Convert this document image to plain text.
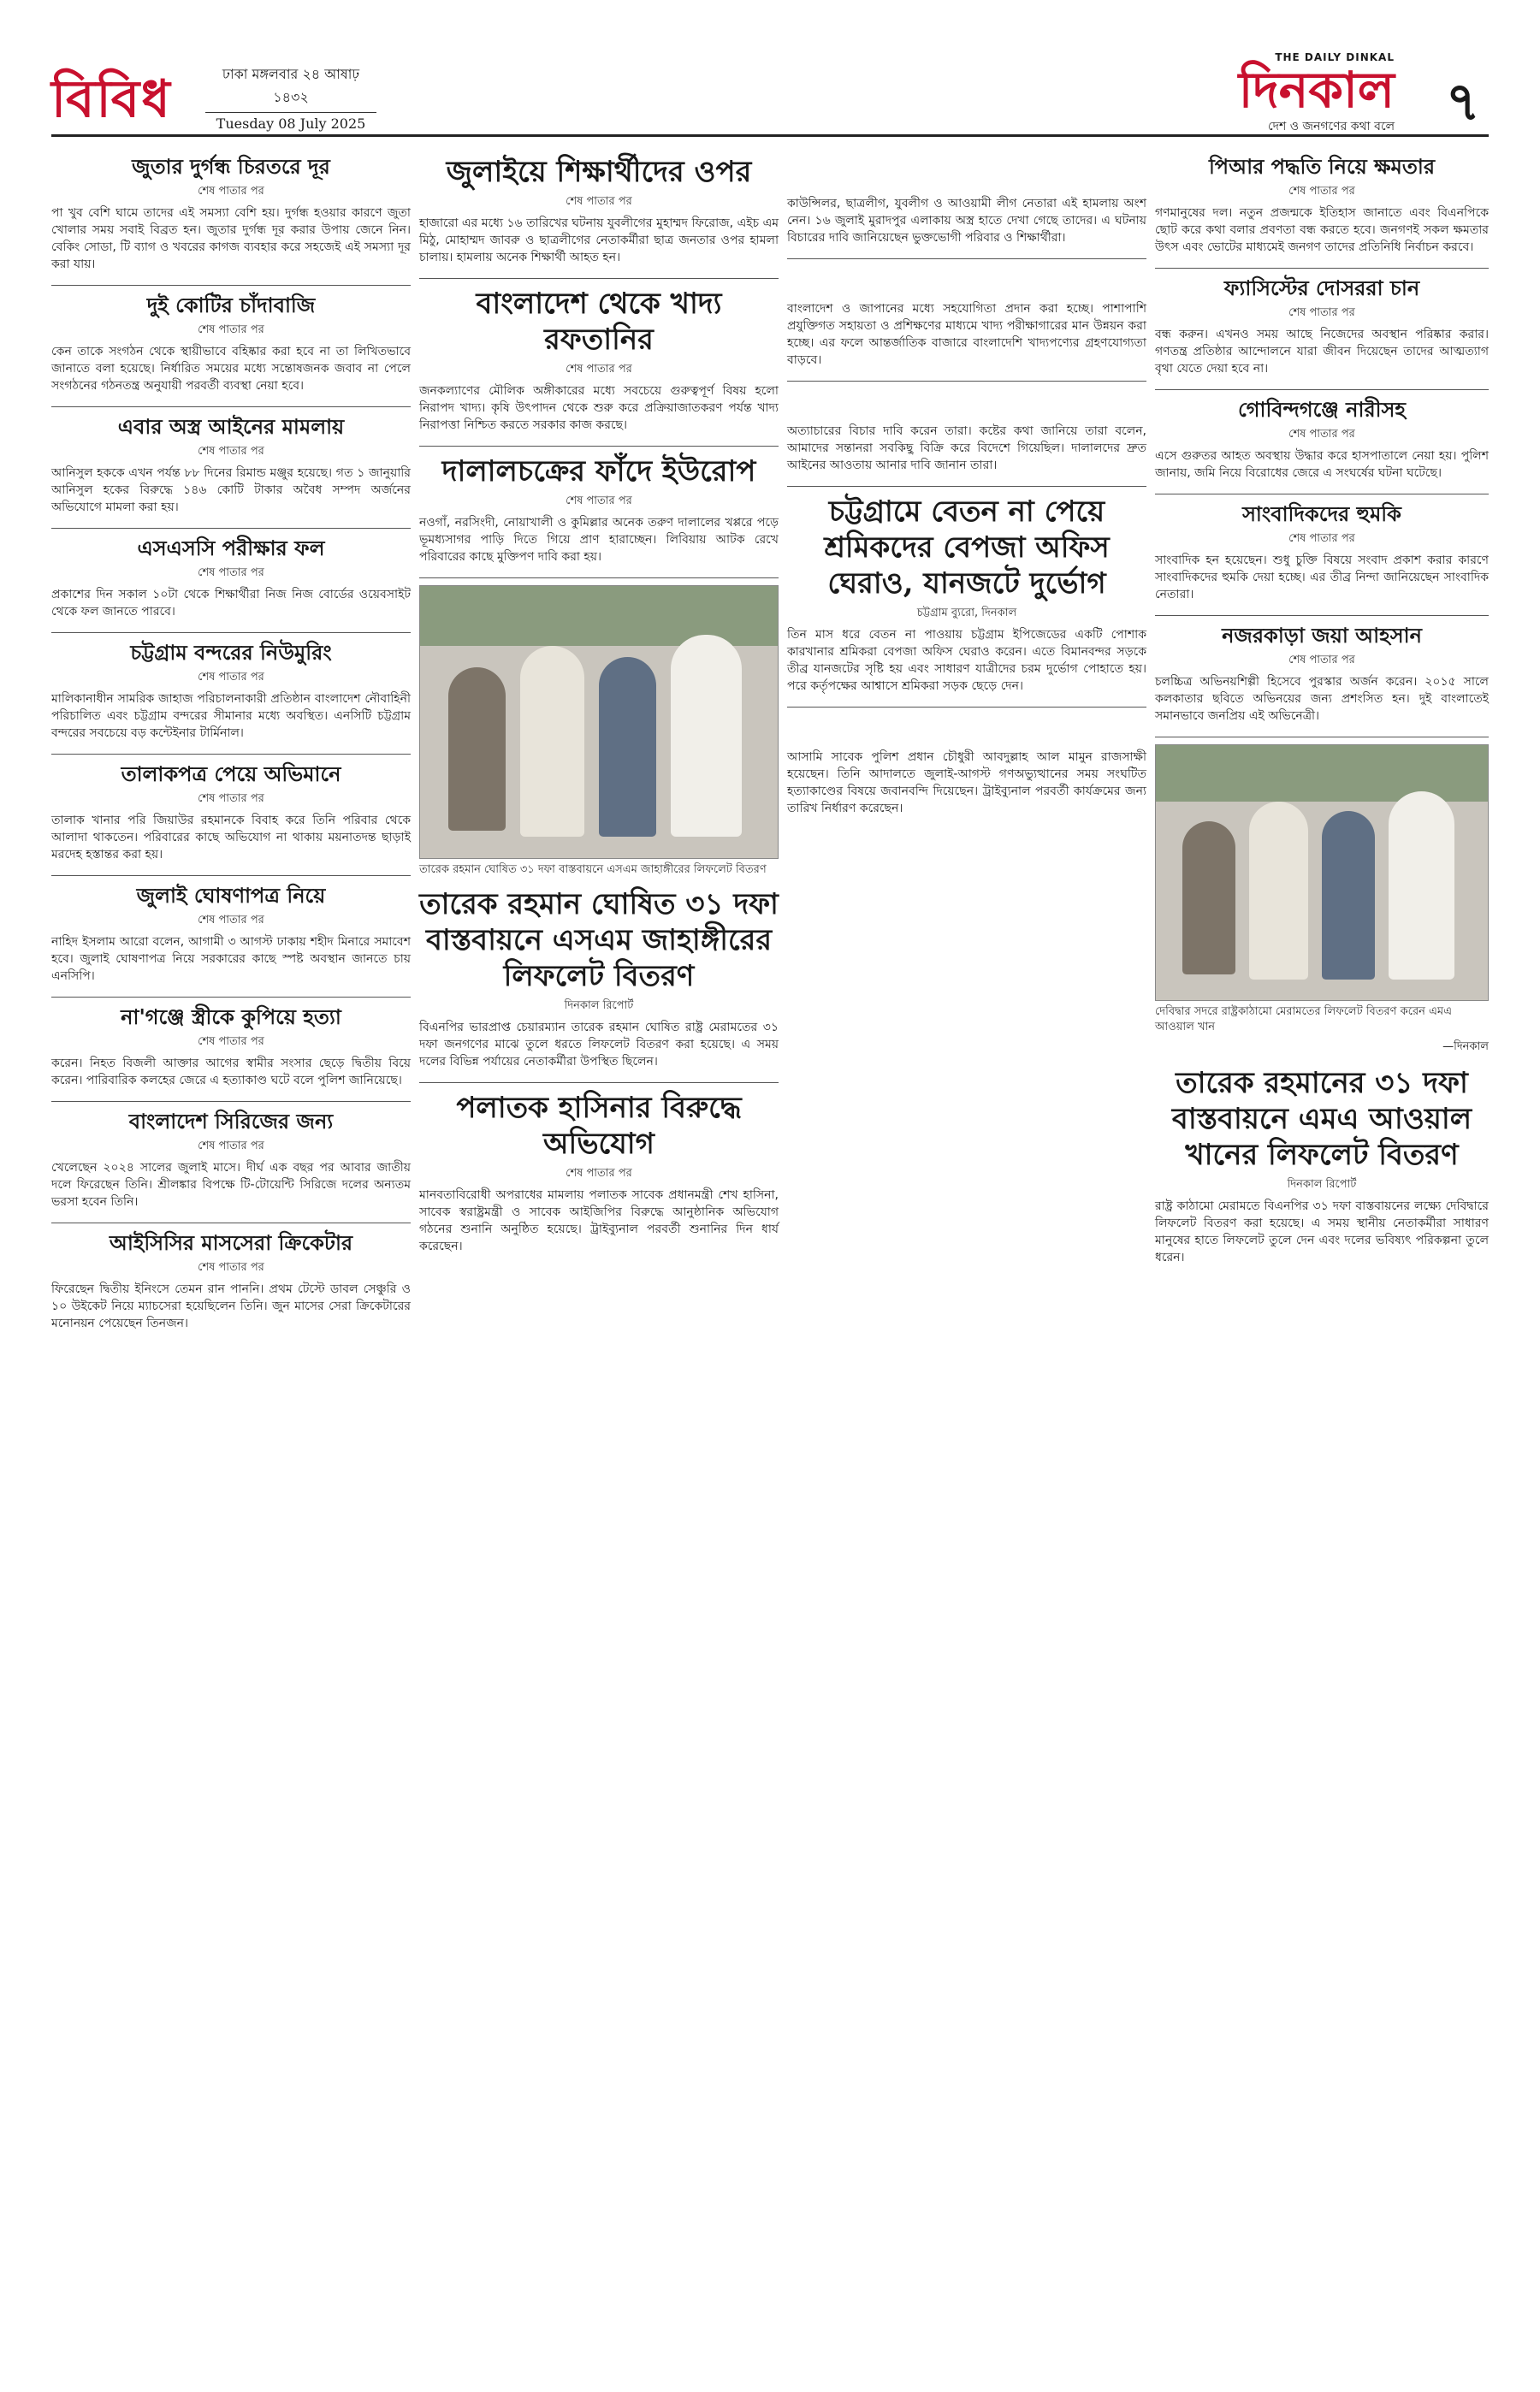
বিবিধ	ঢাকা মঙ্গলবার ২৪ আষাঢ় ১৪৩২
Tuesday 08 July 2025
THE DAILY DINKAL
দিনকাল
দেশ ও জনগণের কথা বলে ৭
জুতার দুর্গন্ধ চিরতরে দূর
শেষ পাতার পর
পা খুব বেশি ঘামে তাদের এই সমস্যা বেশি হয়। দুর্গন্ধ হওয়ার কারণে জুতা খোলার সময় সবাই বিব্রত হন। জুতার দুর্গন্ধ দূর করার উপায় জেনে নিন। বেকিং সোডা, টি ব্যাগ ও খবরের কাগজ ব্যবহার করে সহজেই এই সমস্যা দূর করা যায়।
দুই কোটির চাঁদাবাজি
শেষ পাতার পর
কেন তাকে সংগঠন থেকে স্থায়ীভাবে বহিষ্কার করা হবে না তা লিখিতভাবে জানাতে বলা হয়েছে। নির্ধারিত সময়ের মধ্যে সন্তোষজনক জবাব না পেলে সংগঠনের গঠনতন্ত্র অনুযায়ী পরবর্তী ব্যবস্থা নেয়া হবে।
এবার অস্ত্র আইনের মামলায়
শেষ পাতার পর
আনিসুল হককে এখন পর্যন্ত ৮৮ দিনের রিমান্ড মঞ্জুর হয়েছে। গত ১ জানুয়ারি আনিসুল হকের বিরুদ্ধে ১৪৬ কোটি টাকার অবৈধ সম্পদ অর্জনের অভিযোগে মামলা করা হয়।
এসএসসি পরীক্ষার ফল
শেষ পাতার পর
প্রকাশের দিন সকাল ১০টা থেকে শিক্ষার্থীরা নিজ নিজ বোর্ডের ওয়েবসাইট থেকে ফল জানতে পারবে।
চট্টগ্রাম বন্দরের নিউমুরিং
শেষ পাতার পর
মালিকানাধীন সামরিক জাহাজ পরিচালনাকারী প্রতিষ্ঠান বাংলাদেশ নৌবাহিনী পরিচালিত এবং চট্টগ্রাম বন্দরের সীমানার মধ্যে অবস্থিত। এনসিটি চট্টগ্রাম বন্দরের সবচেয়ে বড় কন্টেইনার টার্মিনাল।
তালাকপত্র পেয়ে অভিমানে
শেষ পাতার পর
তালাক খানার পরি জিয়াউর রহমানকে বিবাহ করে তিনি পরিবার থেকে আলাদা থাকতেন। পরিবারের কাছে অভিযোগ না থাকায় ময়নাতদন্ত ছাড়াই মরদেহ হস্তান্তর করা হয়।
জুলাই ঘোষণাপত্র নিয়ে
শেষ পাতার পর
নাহিদ ইসলাম আরো বলেন, আগামী ৩ আগস্ট ঢাকায় শহীদ মিনারে সমাবেশ হবে। জুলাই ঘোষণাপত্র নিয়ে সরকারের কাছে স্পষ্ট অবস্থান জানতে চায় এনসিপি।
না'গঞ্জে স্ত্রীকে কুপিয়ে হত্যা
শেষ পাতার পর
করেন। নিহত বিজলী আক্তার আগের স্বামীর সংসার ছেড়ে দ্বিতীয় বিয়ে করেন। পারিবারিক কলহের জেরে এ হত্যাকাণ্ড ঘটে বলে পুলিশ জানিয়েছে।
বাংলাদেশ সিরিজের জন্য
শেষ পাতার পর
খেলেছেন ২০২৪ সালের জুলাই মাসে। দীর্ঘ এক বছর পর আবার জাতীয় দলে ফিরেছেন তিনি। শ্রীলঙ্কার বিপক্ষে টি-টোয়েন্টি সিরিজে দলের অন্যতম ভরসা হবেন তিনি।
আইসিসির মাসসেরা ক্রিকেটার
শেষ পাতার পর
ফিরেছেন দ্বিতীয় ইনিংসে তেমন রান পাননি। প্রথম টেস্টে ডাবল সেঞ্চুরি ও ১০ উইকেট নিয়ে ম্যাচসেরা হয়েছিলেন তিনি। জুন মাসের সেরা ক্রিকেটারের মনোনয়ন পেয়েছেন তিনজন।
জুলাইয়ে শিক্ষার্থীদের ওপর
শেষ পাতার পর
হাজারো এর মধ্যে ১৬ তারিখের ঘটনায় যুবলীগের মুহাম্মদ ফিরোজ, এইচ এম মিঠু, মোহাম্মদ জাবরু ও ছাত্রলীগের নেতাকর্মীরা ছাত্র জনতার ওপর হামলা চালায়। হামলায় অনেক শিক্ষার্থী আহত হন।
বাংলাদেশ থেকে খাদ্য রফতানির
শেষ পাতার পর
জনকল্যাণের মৌলিক অঙ্গীকারের মধ্যে সবচেয়ে গুরুত্বপূর্ণ বিষয় হলো নিরাপদ খাদ্য। কৃষি উৎপাদন থেকে শুরু করে প্রক্রিয়াজাতকরণ পর্যন্ত খাদ্য নিরাপত্তা নিশ্চিত করতে সরকার কাজ করছে।
দালালচক্রের ফাঁদে ইউরোপ
শেষ পাতার পর
নওগাঁ, নরসিংদী, নোয়াখালী ও কুমিল্লার অনেক তরুণ দালালের খপ্পরে পড়ে ভূমধ্যসাগর পাড়ি দিতে গিয়ে প্রাণ হারাচ্ছেন। লিবিয়ায় আটক রেখে পরিবারের কাছে মুক্তিপণ দাবি করা হয়।
তারেক রহমান ঘোষিত ৩১ দফা বাস্তবায়নে এসএম জাহাঙ্গীরের লিফলেট বিতরণ
তারেক রহমান ঘোষিত ৩১ দফা বাস্তবায়নে এসএম জাহাঙ্গীরের লিফলেট বিতরণ
দিনকাল রিপোর্ট
বিএনপির ভারপ্রাপ্ত চেয়ারম্যান তারেক রহমান ঘোষিত রাষ্ট্র মেরামতের ৩১ দফা জনগণের মাঝে তুলে ধরতে লিফলেট বিতরণ করা হয়েছে। এ সময় দলের বিভিন্ন পর্যায়ের নেতাকর্মীরা উপস্থিত ছিলেন।
পলাতক হাসিনার বিরুদ্ধে অভিযোগ
শেষ পাতার পর
মানবতাবিরোধী অপরাধের মামলায় পলাতক সাবেক প্রধানমন্ত্রী শেখ হাসিনা, সাবেক স্বরাষ্ট্রমন্ত্রী ও সাবেক আইজিপির বিরুদ্ধে আনুষ্ঠানিক অভিযোগ গঠনের শুনানি অনুষ্ঠিত হয়েছে। ট্রাইব্যুনাল পরবর্তী শুনানির দিন ধার্য করেছেন।
কাউন্সিলর, ছাত্রলীগ, যুবলীগ ও আওয়ামী লীগ নেতারা এই হামলায় অংশ নেন। ১৬ জুলাই মুরাদপুর এলাকায় অস্ত্র হাতে দেখা গেছে তাদের। এ ঘটনায় বিচারের দাবি জানিয়েছেন ভুক্তভোগী পরিবার ও শিক্ষার্থীরা।
বাংলাদেশ ও জাপানের মধ্যে সহযোগিতা প্রদান করা হচ্ছে। পাশাপাশি প্রযুক্তিগত সহায়তা ও প্রশিক্ষণের মাধ্যমে খাদ্য পরীক্ষাগারের মান উন্নয়ন করা হচ্ছে। এর ফলে আন্তর্জাতিক বাজারে বাংলাদেশি খাদ্যপণ্যের গ্রহণযোগ্যতা বাড়বে।
অত্যাচারের বিচার দাবি করেন তারা। কষ্টের কথা জানিয়ে তারা বলেন, আমাদের সন্তানরা সবকিছু বিক্রি করে বিদেশে গিয়েছিল। দালালদের দ্রুত আইনের আওতায় আনার দাবি জানান তারা।
চট্টগ্রামে বেতন না পেয়ে শ্রমিকদের বেপজা অফিস ঘেরাও, যানজটে দুর্ভোগ
চট্টগ্রাম ব্যুরো, দিনকাল
তিন মাস ধরে বেতন না পাওয়ায় চট্টগ্রাম ইপিজেডের একটি পোশাক কারখানার শ্রমিকরা বেপজা অফিস ঘেরাও করেন। এতে বিমানবন্দর সড়কে তীব্র যানজটের সৃষ্টি হয় এবং সাধারণ যাত্রীদের চরম দুর্ভোগ পোহাতে হয়। পরে কর্তৃপক্ষের আশ্বাসে শ্রমিকরা সড়ক ছেড়ে দেন।
আসামি সাবেক পুলিশ প্রধান চৌধুরী আবদুল্লাহ আল মামুন রাজসাক্ষী হয়েছেন। তিনি আদালতে জুলাই-আগস্ট গণঅভ্যুত্থানের সময় সংঘটিত হত্যাকাণ্ডের বিষয়ে জবানবন্দি দিয়েছেন। ট্রাইব্যুনাল পরবর্তী কার্যক্রমের জন্য তারিখ নির্ধারণ করেছেন।
পিআর পদ্ধতি নিয়ে ক্ষমতার
শেষ পাতার পর
গণমানুষের দল। নতুন প্রজন্মকে ইতিহাস জানাতে এবং বিএনপিকে ছোট করে কথা বলার প্রবণতা বন্ধ করতে হবে। জনগণই সকল ক্ষমতার উৎস এবং ভোটের মাধ্যমেই জনগণ তাদের প্রতিনিধি নির্বাচন করবে।
ফ্যাসিস্টের দোসররা চান
শেষ পাতার পর
বন্ধ করুন। এখনও সময় আছে নিজেদের অবস্থান পরিষ্কার করার। গণতন্ত্র প্রতিষ্ঠার আন্দোলনে যারা জীবন দিয়েছেন তাদের আত্মত্যাগ বৃথা যেতে দেয়া হবে না।
গোবিন্দগঞ্জে নারীসহ
শেষ পাতার পর
এসে গুরুতর আহত অবস্থায় উদ্ধার করে হাসপাতালে নেয়া হয়। পুলিশ জানায়, জমি নিয়ে বিরোধের জেরে এ সংঘর্ষের ঘটনা ঘটেছে।
সাংবাদিকদের হুমকি
শেষ পাতার পর
সাংবাদিক হন হয়েছেন। শুধু চুক্তি বিষয়ে সংবাদ প্রকাশ করার কারণে সাংবাদিকদের হুমকি দেয়া হচ্ছে। এর তীব্র নিন্দা জানিয়েছেন সাংবাদিক নেতারা।
নজরকাড়া জয়া আহসান
শেষ পাতার পর
চলচ্চিত্র অভিনয়শিল্পী হিসেবে পুরস্কার অর্জন করেন। ২০১৫ সালে কলকাতার ছবিতে অভিনয়ের জন্য প্রশংসিত হন। দুই বাংলাতেই সমানভাবে জনপ্রিয় এই অভিনেত্রী।
দেবিদ্বার সদরে রাষ্ট্রকাঠামো মেরামতের লিফলেট বিতরণ করেন এমএ আওয়াল খান
—দিনকাল
তারেক রহমানের ৩১ দফা বাস্তবায়নে এমএ আওয়াল খানের লিফলেট বিতরণ
দিনকাল রিপোর্ট
রাষ্ট্র কাঠামো মেরামতে বিএনপির ৩১ দফা বাস্তবায়নের লক্ষ্যে দেবিদ্বারে লিফলেট বিতরণ করা হয়েছে। এ সময় স্থানীয় নেতাকর্মীরা সাধারণ মানুষের হাতে লিফলেট তুলে দেন এবং দলের ভবিষ্যৎ পরিকল্পনা তুলে ধরেন।
